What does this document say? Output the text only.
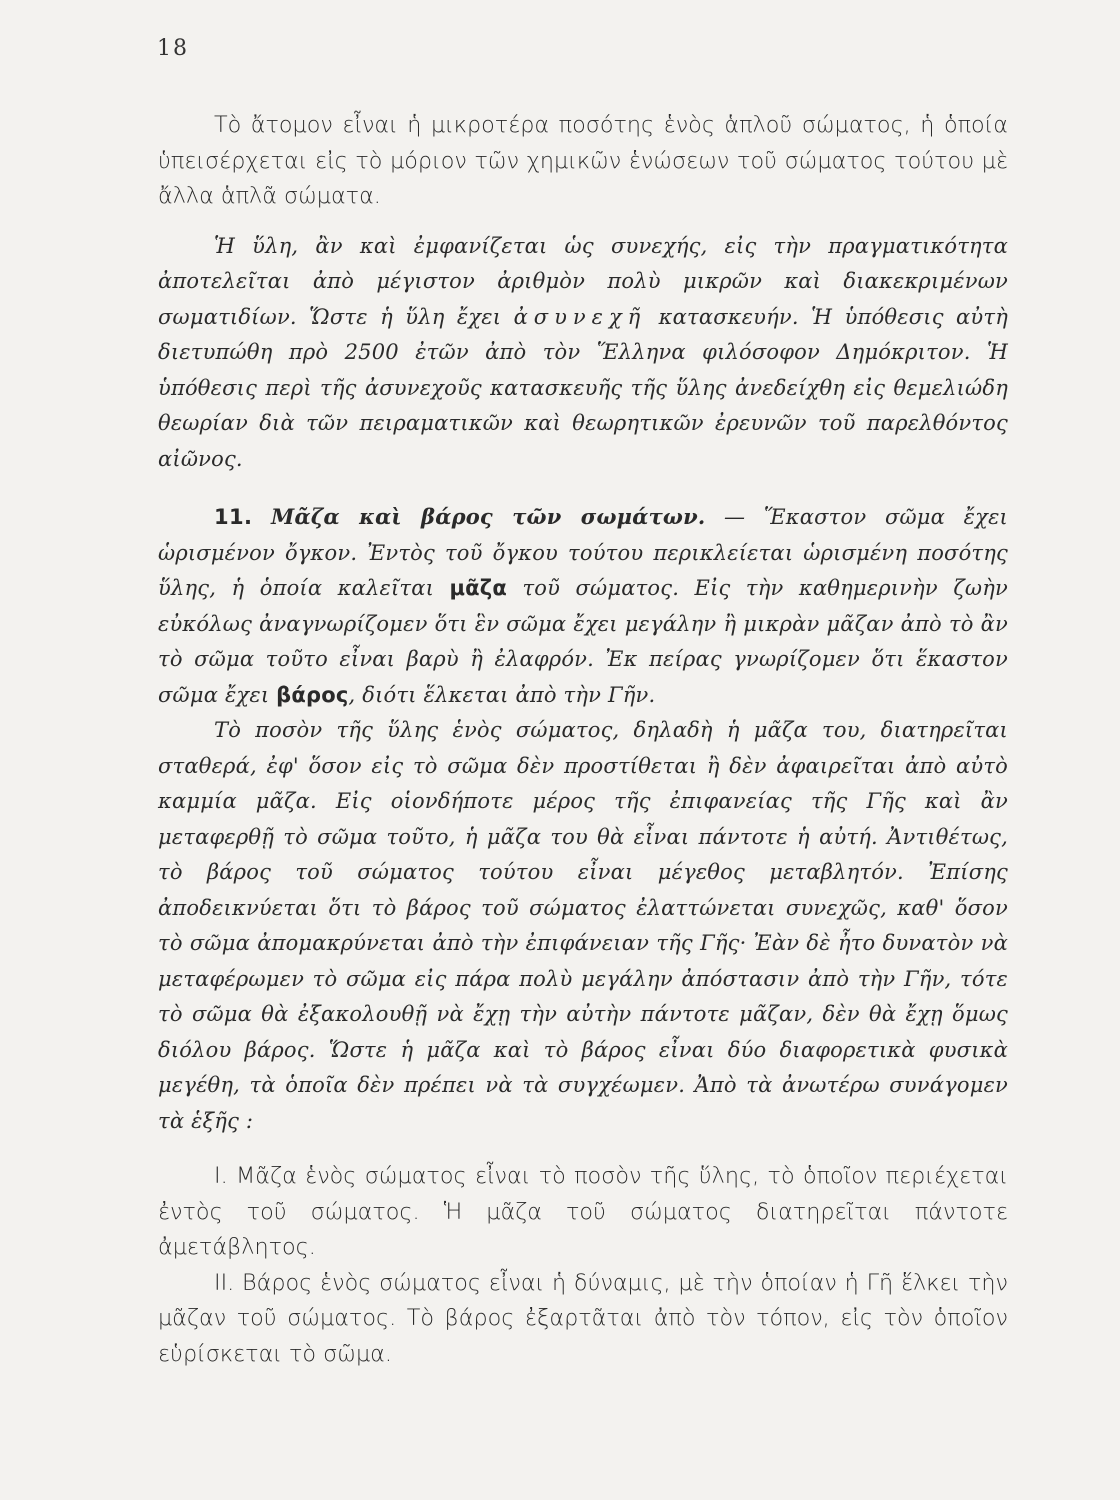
18

Τὸ ἄτομον εἶναι ἡ μικροτέρα ποσότης ἑνὸς ἁπλοῦ σώματος, ἡ ὁποία ὑπεισέρχεται εἰς τὸ μόριον τῶν χημικῶν ἑνώσεων τοῦ σώματος τούτου μὲ ἄλλα ἁπλᾶ σώματα.

Ἡ ὕλη, ἂν καὶ ἐμφανίζεται ὡς συνεχής, εἰς τὴν πραγματικότητα ἀποτελεῖται ἀπὸ μέγιστον ἀριθμὸν πολὺ μικρῶν καὶ διακεκριμένων σωματιδίων. Ὥστε ἡ ὕλη ἔχει ἀσυνεχῆ κατασκευήν. Ἡ ὑπόθεσις αὐτὴ διετυπώθη πρὸ 2500 ἐτῶν ἀπὸ τὸν Ἕλληνα φιλόσοφον Δημόκριτον. Ἡ ὑπόθεσις περὶ τῆς ἀσυνεχοῦς κατασκευῆς τῆς ὕλης ἀνεδείχθη εἰς θεμελιώδη θεωρίαν διὰ τῶν πειραματικῶν καὶ θεωρητικῶν ἐρευνῶν τοῦ παρελθόντος αἰῶνος.

11. Μᾶζα καὶ βάρος τῶν σωμάτων. — Ἕκαστον σῶμα ἔχει ὡρισμένον ὄγκον. Ἐντὸς τοῦ ὄγκου τούτου περικλείεται ὡρισμένη ποσότης ὕλης, ἡ ὁποία καλεῖται μᾶζα τοῦ σώματος. Εἰς τὴν καθημερινὴν ζωὴν εὐκόλως ἀναγνωρίζομεν ὅτι ἓν σῶμα ἔχει μεγάλην ἢ μικρὰν μᾶζαν ἀπὸ τὸ ἂν τὸ σῶμα τοῦτο εἶναι βαρὺ ἢ ἐλαφρόν. Ἐκ πείρας γνωρίζομεν ὅτι ἕκαστον σῶμα ἔχει βάρος, διότι ἕλκεται ἀπὸ τὴν Γῆν.

Τὸ ποσὸν τῆς ὕλης ἑνὸς σώματος, δηλαδὴ ἡ μᾶζα του, διατηρεῖται σταθερά, ἐφ' ὅσον εἰς τὸ σῶμα δὲν προστίθεται ἢ δὲν ἀφαιρεῖται ἀπὸ αὐτὸ καμμία μᾶζα. Εἰς οἱονδήποτε μέρος τῆς ἐπιφανείας τῆς Γῆς καὶ ἂν μεταφερθῇ τὸ σῶμα τοῦτο, ἡ μᾶζα του θὰ εἶναι πάντοτε ἡ αὐτή. Ἀντιθέτως, τὸ βάρος τοῦ σώματος τούτου εἶναι μέγεθος μεταβλητόν. Ἐπίσης ἀποδεικνύεται ὅτι τὸ βάρος τοῦ σώματος ἐλαττώνεται συνεχῶς, καθ' ὅσον τὸ σῶμα ἀπομακρύνεται ἀπὸ τὴν ἐπιφάνειαν τῆς Γῆς· Ἐὰν δὲ ἦτο δυνατὸν νὰ μεταφέρωμεν τὸ σῶμα εἰς πάρα πολὺ μεγάλην ἀπόστασιν ἀπὸ τὴν Γῆν, τότε τὸ σῶμα θὰ ἐξακολουθῇ νὰ ἔχῃ τὴν αὐτὴν πάντοτε μᾶζαν, δὲν θὰ ἔχῃ ὅμως διόλου βάρος. Ὥστε ἡ μᾶζα καὶ τὸ βάρος εἶναι δύο διαφορετικὰ φυσικὰ μεγέθη, τὰ ὁποῖα δὲν πρέπει νὰ τὰ συγχέωμεν. Ἀπὸ τὰ ἀνωτέρω συνάγομεν τὰ ἑξῆς :

Ι. Μᾶζα ἑνὸς σώματος εἶναι τὸ ποσὸν τῆς ὕλης, τὸ ὁποῖον περιέχεται ἐντὸς τοῦ σώματος. Ἡ μᾶζα τοῦ σώματος διατηρεῖται πάντοτε ἀμετάβλητος.

ΙΙ. Βάρος ἑνὸς σώματος εἶναι ἡ δύναμις, μὲ τὴν ὁποίαν ἡ Γῆ ἕλκει τὴν μᾶζαν τοῦ σώματος. Τὸ βάρος ἐξαρτᾶται ἀπὸ τὸν τόπον, εἰς τὸν ὁποῖον εὑρίσκεται τὸ σῶμα.
